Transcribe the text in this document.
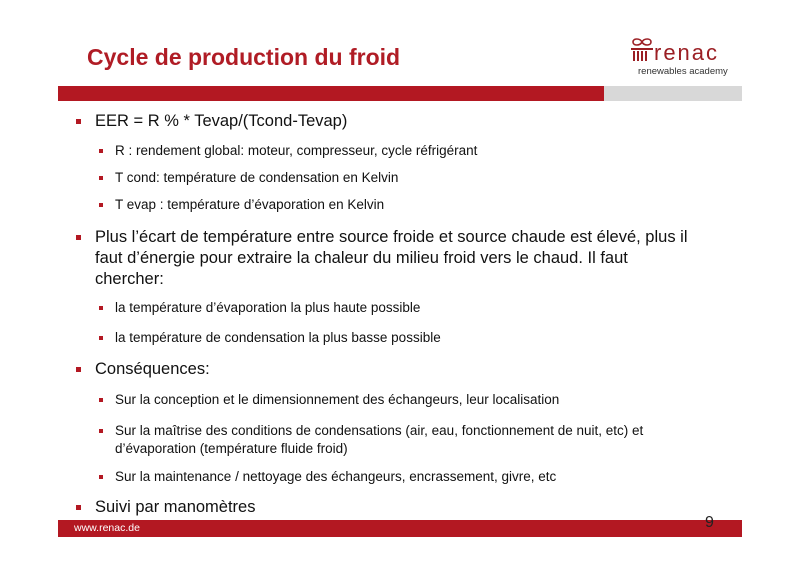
Cycle de production du froid	renac
renewables academy
EER = R % * Tevap/(Tcond-Tevap)
R : rendement global: moteur, compresseur, cycle réfrigérant
T cond: température de condensation en Kelvin
T evap : température d’évaporation en Kelvin
Plus l’écart de température entre source froide et source chaude est élevé, plus il
faut d’énergie pour extraire la chaleur du milieu froid vers le chaud. Il faut
chercher:
la température d’évaporation la plus haute possible
la température de condensation la plus basse possible
Conséquences:
Sur la conception et le dimensionnement des échangeurs, leur localisation
Sur la maîtrise des conditions de condensations (air, eau, fonctionnement de nuit, etc) et
d’évaporation (température fluide froid)
Sur la maintenance / nettoyage des échangeurs, encrassement, givre, etc
Suivi par manomètres
www.renac.de	9
